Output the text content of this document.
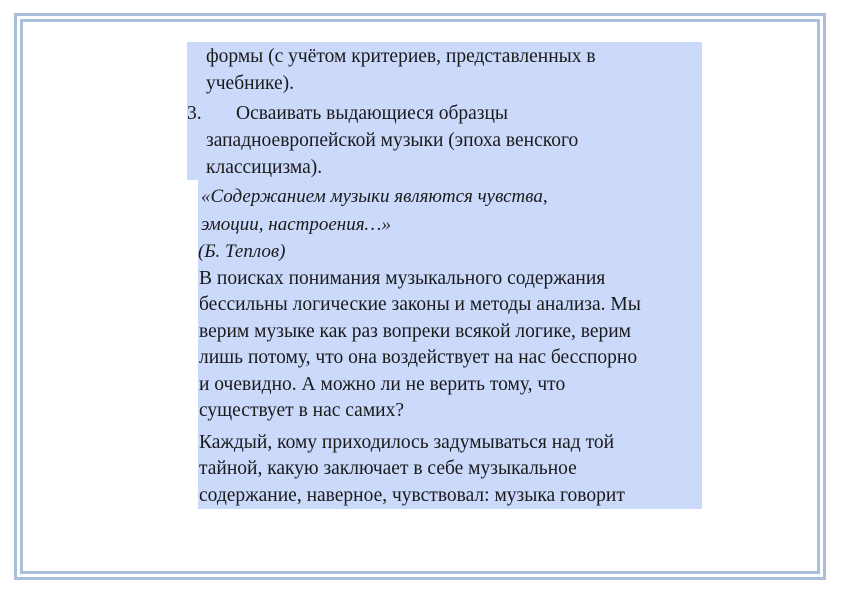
формы (с учётом критериев, представленных в
учебнике).
3. Осваивать выдающиеся образцы
западноевропейской музыки (эпоха венского
классицизма).
«Содержанием музыки являются чувства,
эмоции, настроения…»
(Б. Теплов)
В поисках понимания музыкального содержания
бессильны логические законы и методы анализа. Мы
верим музыке как раз вопреки всякой логике, верим
лишь потому, что она воздействует на нас бесспорно
и очевидно. А можно ли не верить тому, что
существует в нас самих?
Каждый, кому приходилось задумываться над той
тайной, какую заключает в себе музыкальное
содержание, наверное, чувствовал: музыка говорит
